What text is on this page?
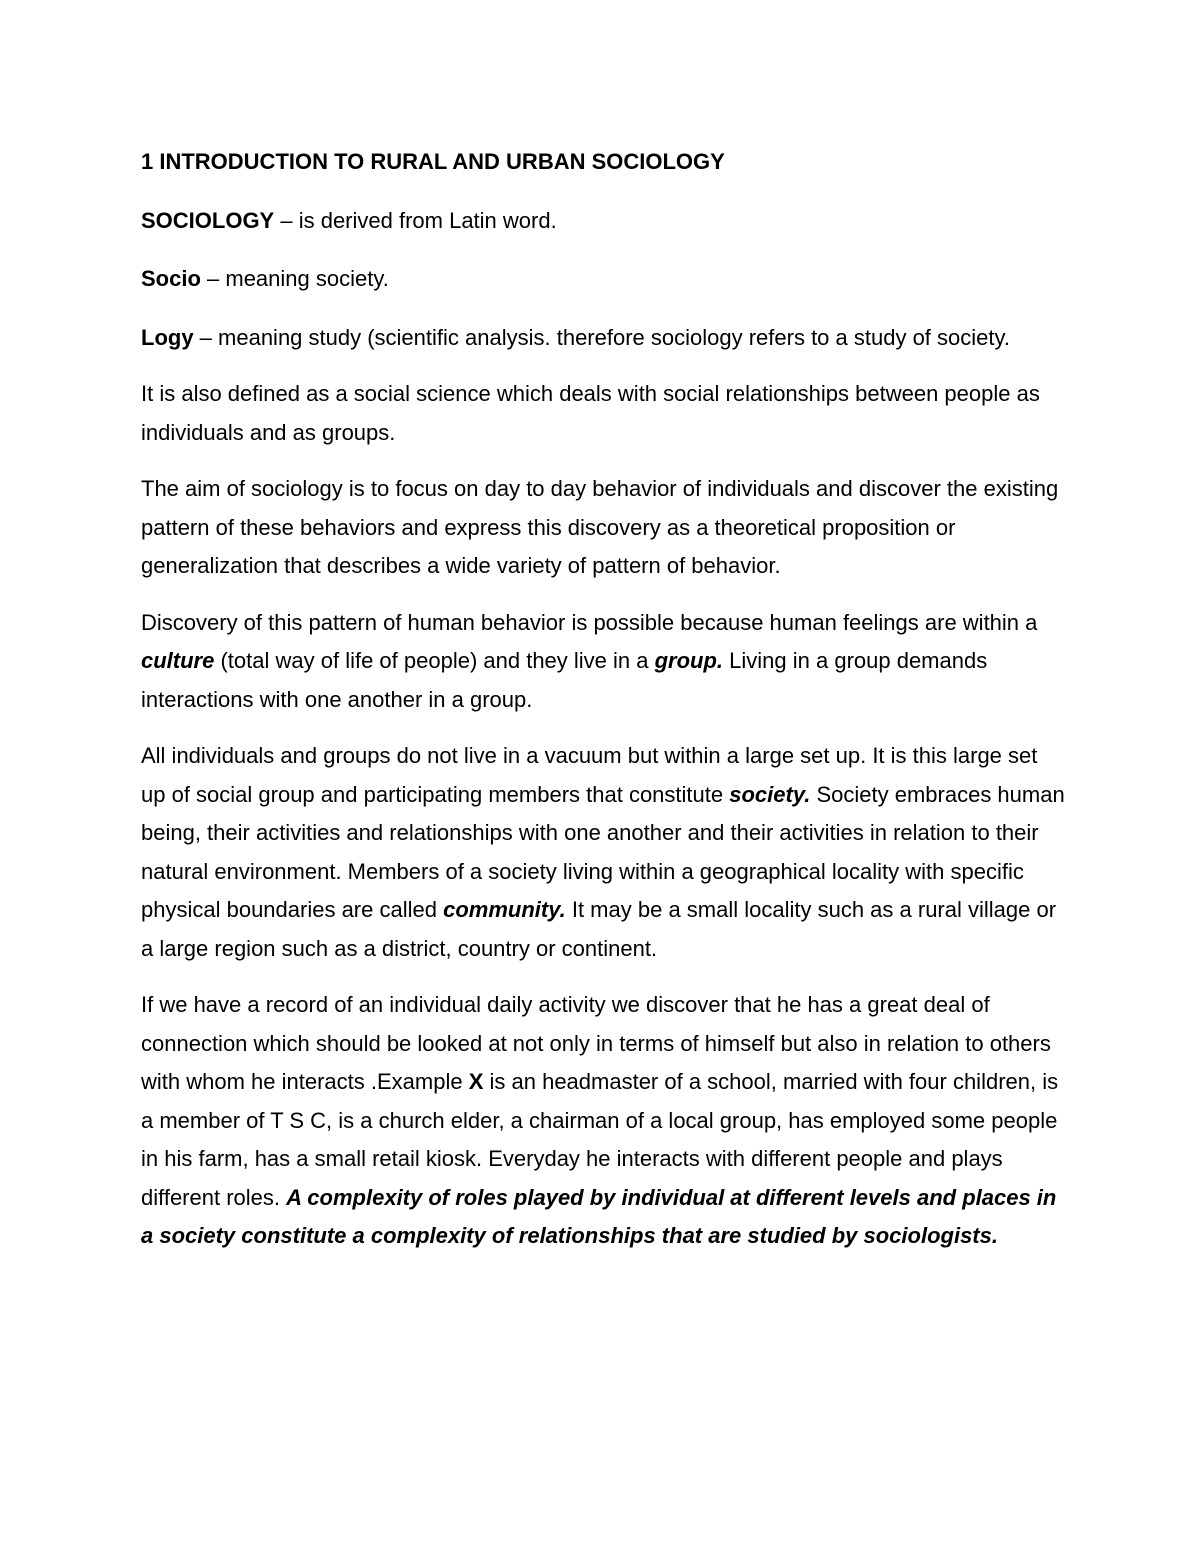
1 INTRODUCTION TO RURAL AND URBAN SOCIOLOGY

SOCIOLOGY – is derived from Latin word.

Socio – meaning society.

Logy – meaning study (scientific analysis. therefore sociology refers to a study of society.

It is also defined as a social science which deals with social relationships between people as individuals and as groups.

The aim of sociology is to focus on day to day behavior of individuals and discover the existing pattern of these behaviors and express this discovery as a theoretical proposition or generalization that describes a wide variety of pattern of behavior.

Discovery of this pattern of human behavior is possible because human feelings are within a culture (total way of life of people) and they live in a group. Living in a group demands interactions with one another in a group.

All individuals and groups do not live in a vacuum but within a large set up. It is this large set up of social group and participating members that constitute society. Society embraces human being, their activities and relationships with one another and their activities in relation to their natural environment. Members of a society living within a geographical locality with specific physical boundaries are called community. It may be a small locality such as a rural village or a large region such as a district, country or continent.

If we have a record of an individual daily activity we discover that he has a great deal of connection which should be looked at not only in terms of himself but also in relation to others with whom he interacts .Example X is an headmaster of a school, married with four children, is a member of T S C, is a church elder, a chairman of a local group, has employed some people in his farm, has a small retail kiosk. Everyday he interacts with different people and plays different roles. A complexity of roles played by individual at different levels and places in a society constitute a complexity of relationships that are studied by sociologists.
